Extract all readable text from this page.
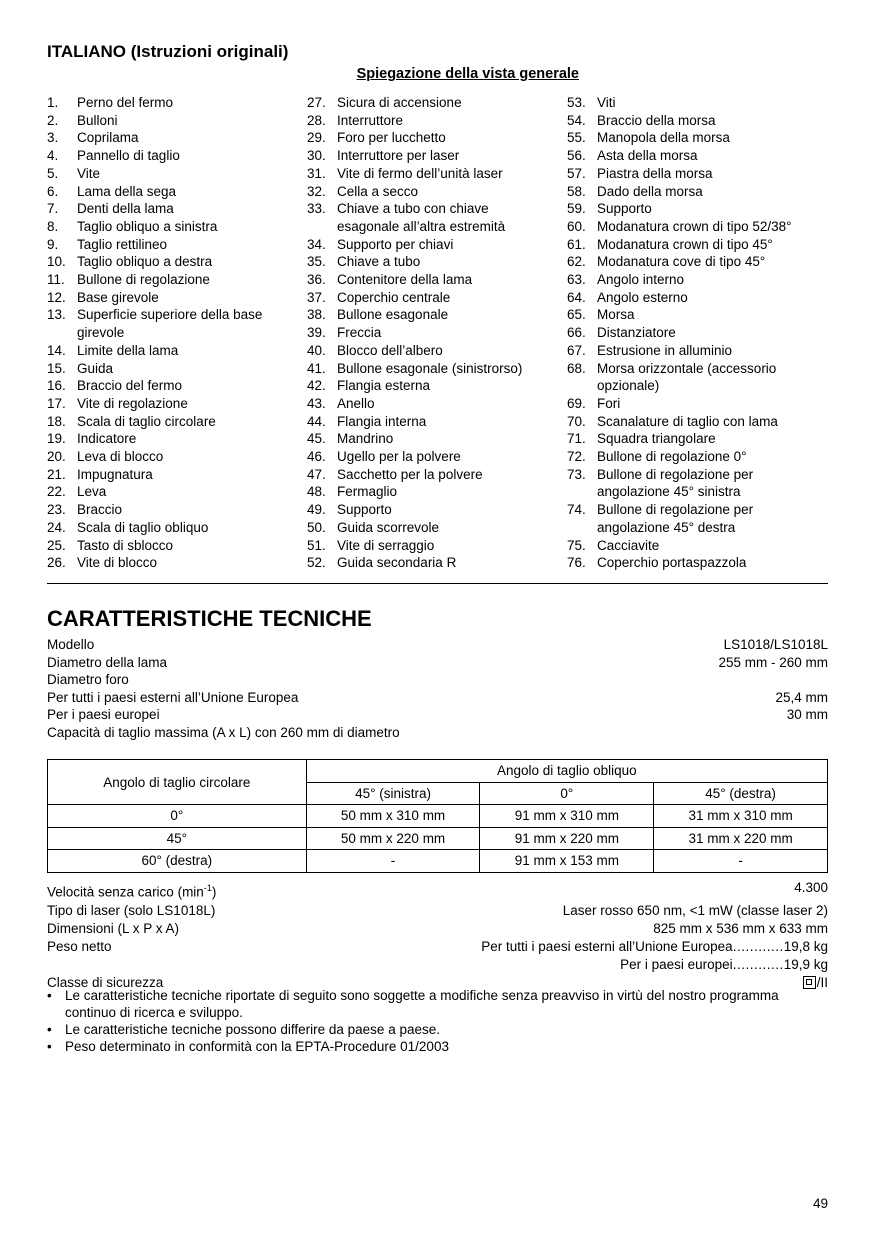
ITALIANO (Istruzioni originali)
Spiegazione della vista generale
1.	Perno del fermo
2.	Bulloni
3.	Coprilama
4.	Pannello di taglio
5.	Vite
6.	Lama della sega
7.	Denti della lama
8.	Taglio obliquo a sinistra
9.	Taglio rettilineo
10. Taglio obliquo a destra
11. Bullone di regolazione
12. Base girevole
13. Superficie superiore della base girevole
14. Limite della lama
15. Guida
16. Braccio del fermo
17. Vite di regolazione
18. Scala di taglio circolare
19. Indicatore
20. Leva di blocco
21. Impugnatura
22. Leva
23. Braccio
24. Scala di taglio obliquo
25. Tasto di sblocco
26. Vite di blocco
27. Sicura di accensione
28. Interruttore
29. Foro per lucchetto
30. Interruttore per laser
31. Vite di fermo dell’unità laser
32. Cella a secco
33. Chiave a tubo con chiave esagonale all’altra estremità
34. Supporto per chiavi
35. Chiave a tubo
36. Contenitore della lama
37. Coperchio centrale
38. Bullone esagonale
39. Freccia
40. Blocco dell’albero
41. Bullone esagonale (sinistrorso)
42. Flangia esterna
43. Anello
44. Flangia interna
45. Mandrino
46. Ugello per la polvere
47. Sacchetto per la polvere
48. Fermaglio
49. Supporto
50. Guida scorrevole
51. Vite di serraggio
52. Guida secondaria R
53. Viti
54. Braccio della morsa
55. Manopola della morsa
56. Asta della morsa
57. Piastra della morsa
58. Dado della morsa
59. Supporto
60. Modanatura crown di tipo 52/38°
61. Modanatura crown di tipo 45°
62. Modanatura cove di tipo 45°
63. Angolo interno
64. Angolo esterno
65. Morsa
66. Distanziatore
67. Estrusione in alluminio
68. Morsa orizzontale (accessorio opzionale)
69. Fori
70. Scanalature di taglio con lama
71. Squadra triangolare
72. Bullone di regolazione 0°
73. Bullone di regolazione per angolazione 45° sinistra
74. Bullone di regolazione per angolazione 45° destra
75. Cacciavite
76. Coperchio portaspazzola
CARATTERISTICHE TECNICHE
Modello	LS1018/LS1018L
Diametro della lama	255 mm - 260 mm
Diametro foro
Per tutti i paesi esterni all’Unione Europea	25,4 mm
Per i paesi europei	30 mm
Capacità di taglio massima (A x L) con 260 mm di diametro
Angolo di taglio circolare	Angolo di taglio obliquo		
	45° (sinistra)	0°	45° (destra)
0°	50 mm x 310 mm	91 mm x 310 mm	31 mm x 310 mm
45°	50 mm x 220 mm	91 mm x 220 mm	31 mm x 220 mm
60° (destra)	-	91 mm x 153 mm	-
Velocità senza carico $(\min^{-1})$	4.300
Tipo di laser (solo LS1018L)	Laser rosso 650 nm, <1 mW (classe laser 2)
Dimensioni (L x P x A)	825 mm x 536 mm x 633 mm
Peso netto	Per tutti i paesi esterni all’Unione Europea............19,8 kg
Per i paesi europei............19,9 kg
Classe di sicurezza	/II
• Le caratteristiche tecniche riportate di seguito sono soggette a modifiche senza preavviso in virtù del nostro programma continuo di ricerca e sviluppo.
• Le caratteristiche tecniche possono differire da paese a paese.
• Peso determinato in conformità con la EPTA-Procedure 01/2003
49
